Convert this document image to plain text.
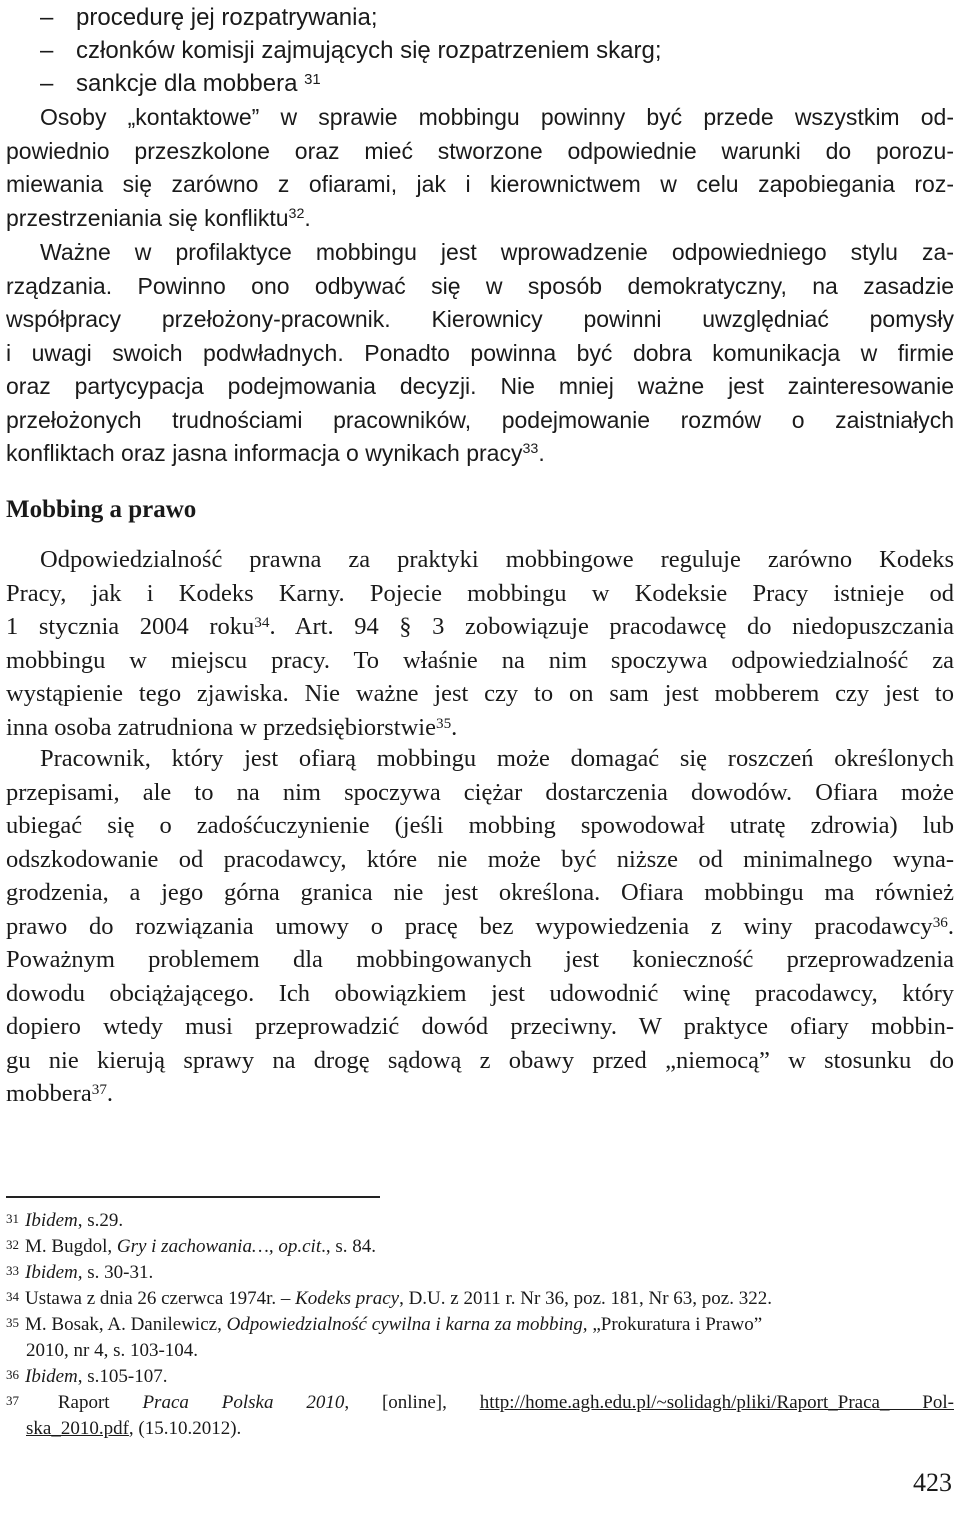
– procedurę jej rozpatrywania;
– członków komisji zajmujących się rozpatrzeniem skarg;
– sankcje dla mobbera $^{31}$
Osoby „kontaktowe” w sprawie mobbingu powinny być przede wszystkim od-
powiednio przeszkolone oraz mieć stworzone odpowiednie warunki do porozu-
miewania się zarówno z ofiarami, jak i kierownictwem w celu zapobiegania roz-
przestrzeniania się konfliktu$^{32}$.
Ważne w profilaktyce mobbingu jest wprowadzenie odpowiedniego stylu za-
rządzania. Powinno ono odbywać się w sposób demokratyczny, na zasadzie
współpracy przełożony-pracownik. Kierownicy powinni uwzględniać pomysły
i uwagi swoich podwładnych. Ponadto powinna być dobra komunikacja w firmie
oraz partycypacja podejmowania decyzji. Nie mniej ważne jest zainteresowanie
przełożonych trudnościami pracowników, podejmowanie rozmów o zaistniałych
konfliktach oraz jasna informacja o wynikach pracy$^{33}$.
Mobbing a prawo
Odpowiedzialność prawna za praktyki mobbingowe reguluje zarówno Kodeks
Pracy, jak i Kodeks Karny. Pojecie mobbingu w Kodeksie Pracy istnieje od
1 stycznia 2004 roku$^{34}$. Art. 94 § 3 zobowiązuje pracodawcę do niedopuszczania
mobbingu w miejscu pracy. To właśnie na nim spoczywa odpowiedzialność za
wystąpienie tego zjawiska. Nie ważne jest czy to on sam jest mobberem czy jest to
inna osoba zatrudniona w przedsiębiorstwie$^{35}$.
Pracownik, który jest ofiarą mobbingu może domagać się roszczeń określonych
przepisami, ale to na nim spoczywa ciężar dostarczenia dowodów. Ofiara może
ubiegać się o zadośćuczynienie (jeśli mobbing spowodował utratę zdrowia) lub
odszkodowanie od pracodawcy, które nie może być niższe od minimalnego wyna-
grodzenia, a jego górna granica nie jest określona. Ofiara mobbingu ma również
prawo do rozwiązania umowy o pracę bez wypowiedzenia z winy pracodawcy$^{36}$.
Poważnym problemem dla mobbingowanych jest konieczność przeprowadzenia
dowodu obciążającego. Ich obowiązkiem jest udowodnić winę pracodawcy, który
dopiero wtedy musi przeprowadzić dowód przeciwny. W praktyce ofiary mobbin-
gu nie kierują sprawy na drogę sądową z obawy przed „niemocą” w stosunku do
mobbera$^{37}$.
$^{31}$ Ibidem, s.29.
$^{32}$ M. Bugdol, Gry i zachowania…, op.cit., s. 84.
$^{33}$ Ibidem, s. 30-31.
$^{34}$ Ustawa z dnia 26 czerwca 1974r. – Kodeks pracy, D.U. z 2011 r. Nr 36, poz. 181, Nr 63, poz. 322.
$^{35}$ M. Bosak, A. Danilewicz, Odpowiedzialność cywilna i karna za mobbing, „Prokuratura i Prawo”
2010, nr 4, s. 103-104.
$^{36}$ Ibidem, s.105-107.
$^{37}$ Raport Praca Polska 2010, [online], http://home.agh.edu.pl/~solidagh/pliki/Raport_Praca_ Pol-
ska_2010.pdf, (15.10.2012).
423
